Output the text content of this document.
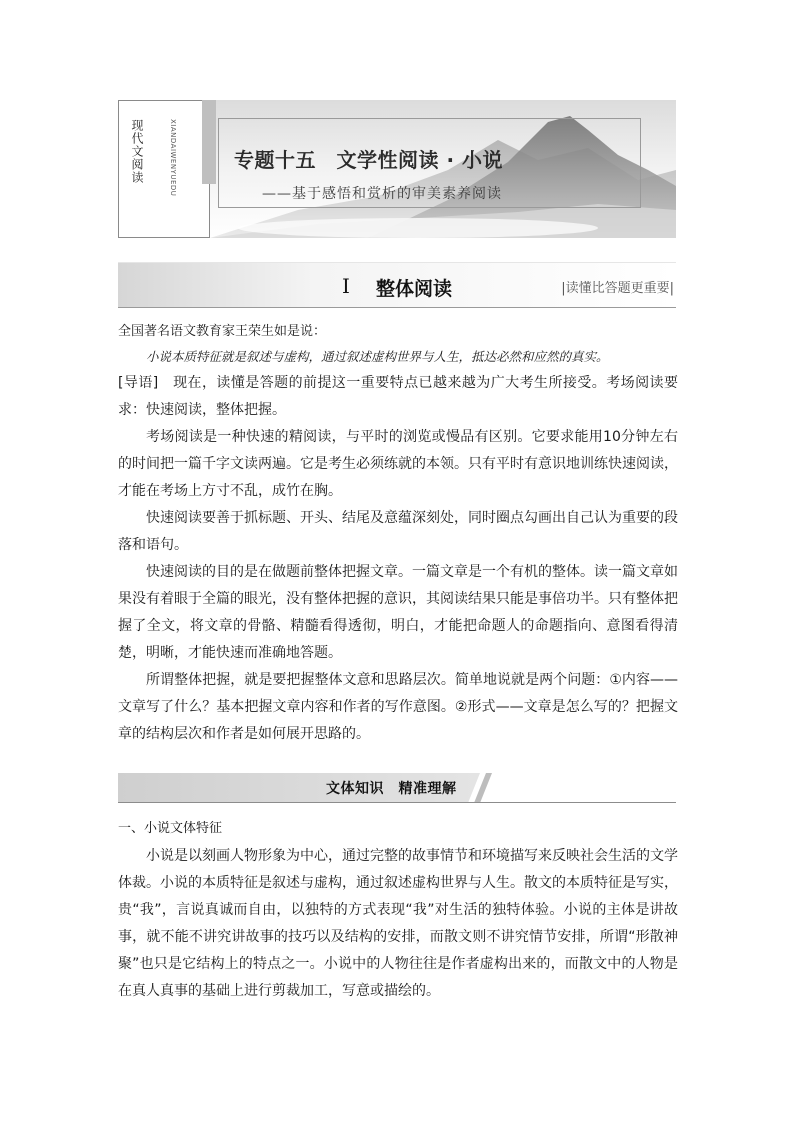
现代文阅读	XIANDAIWENYUEDU	专题十五　文学性阅读 · 小说
——基于感悟和赏析的审美素养阅读
Ⅰ 整体阅读	|读懂比答题更重要|

全国著名语文教育家王荣生如是说：

小说本质特征就是叙述与虚构，通过叙述虚构世界与人生，抵达必然和应然的真实。

[导语]　 现在，读懂是答题的前提这一重要特点已越来越为广大考生所接受。考场阅读要求：快速阅读，整体把握。

考场阅读是一种快速的精阅读，与平时的浏览或慢品有区别。它要求能用10分钟左右的时间把一篇千字文读两遍。它是考生必须练就的本领。只有平时有意识地训练快速阅读，才能在考场上方寸不乱，成竹在胸。

快速阅读要善于抓标题、开头、结尾及意蕴深刻处，同时圈点勾画出自己认为重要的段落和语句。

快速阅读的目的是在做题前整体把握文章。一篇文章是一个有机的整体。读一篇文章如果没有着眼于全篇的眼光，没有整体把握的意识，其阅读结果只能是事倍功半。只有整体把握了全文，将文章的骨骼、精髓看得透彻，明白，才能把命题人的命题指向、意图看得清楚，明晰，才能快速而准确地答题。

所谓整体把握，就是要把握整体文意和思路层次。简单地说就是两个问题：①内容——文章写了什么？基本把握文章内容和作者的写作意图。②形式——文章是怎么写的？把握文章的结构层次和作者是如何展开思路的。

文体知识　精准理解
一、小说文体特征

小说是以刻画人物形象为中心，通过完整的故事情节和环境描写来反映社会生活的文学体裁。小说的本质特征是叙述与虚构，通过叙述虚构世界与人生。散文的本质特征是写实，贵“我”，言说真诚而自由，以独特的方式表现“我”对生活的独特体验。小说的主体是讲故事，就不能不讲究讲故事的技巧以及结构的安排，而散文则不讲究情节安排，所谓“形散神聚”也只是它结构上的特点之一。小说中的人物往往是作者虚构出来的，而散文中的人物是在真人真事的基础上进行剪裁加工，写意或描绘的。
